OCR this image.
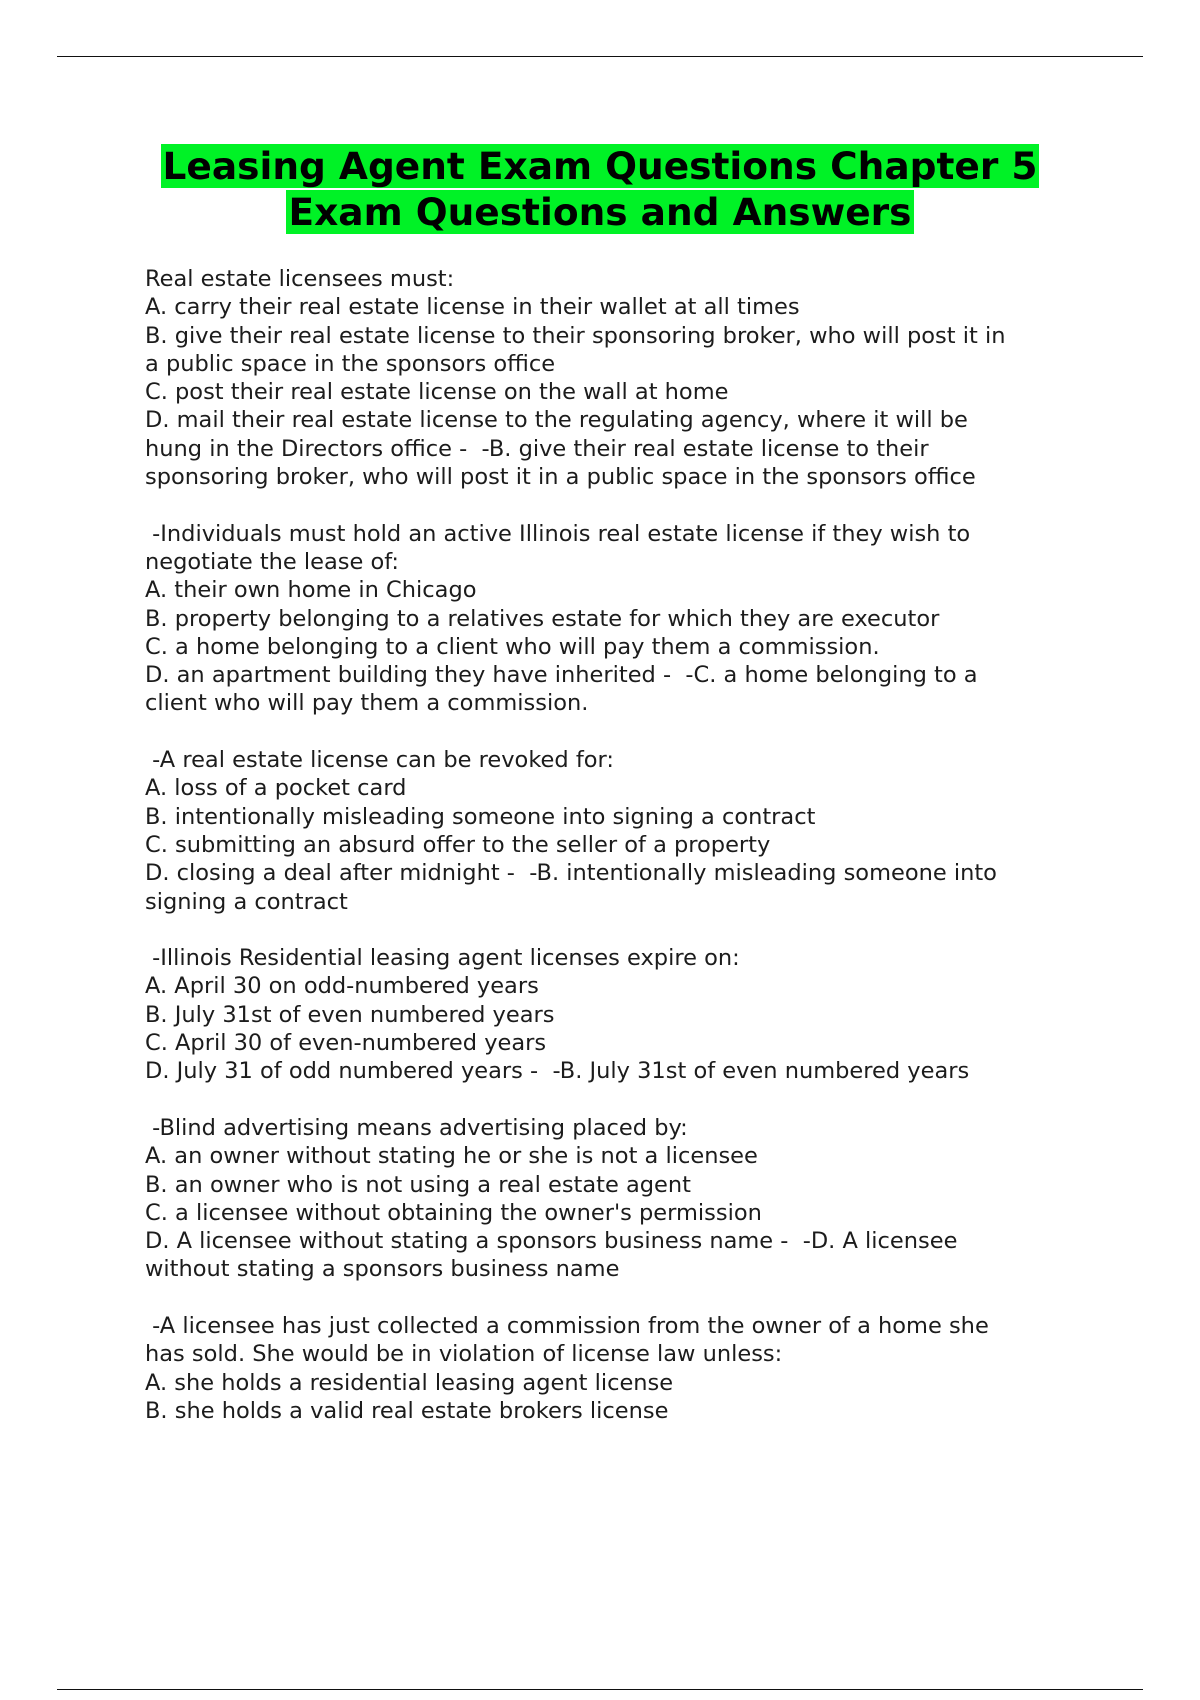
Leasing Agent Exam Questions Chapter 5
Exam Questions and Answers
Real estate licensees must:
A. carry their real estate license in their wallet at all times
B. give their real estate license to their sponsoring broker, who will post it in
a public space in the sponsors office
C. post their real estate license on the wall at home
D. mail their real estate license to the regulating agency, where it will be
hung in the Directors office -  -B. give their real estate license to their
sponsoring broker, who will post it in a public space in the sponsors office
-Individuals must hold an active Illinois real estate license if they wish to
negotiate the lease of:
A. their own home in Chicago
B. property belonging to a relatives estate for which they are executor
C. a home belonging to a client who will pay them a commission.
D. an apartment building they have inherited -  -C. a home belonging to a
client who will pay them a commission.
-A real estate license can be revoked for:
A. loss of a pocket card
B. intentionally misleading someone into signing a contract
C. submitting an absurd offer to the seller of a property
D. closing a deal after midnight -  -B. intentionally misleading someone into
signing a contract
-Illinois Residential leasing agent licenses expire on:
A. April 30 on odd-numbered years
B. July 31st of even numbered years
C. April 30 of even-numbered years
D. July 31 of odd numbered years -  -B. July 31st of even numbered years
-Blind advertising means advertising placed by:
A. an owner without stating he or she is not a licensee
B. an owner who is not using a real estate agent
C. a licensee without obtaining the owner's permission
D. A licensee without stating a sponsors business name -  -D. A licensee
without stating a sponsors business name
-A licensee has just collected a commission from the owner of a home she
has sold. She would be in violation of license law unless:
A. she holds a residential leasing agent license
B. she holds a valid real estate brokers license
